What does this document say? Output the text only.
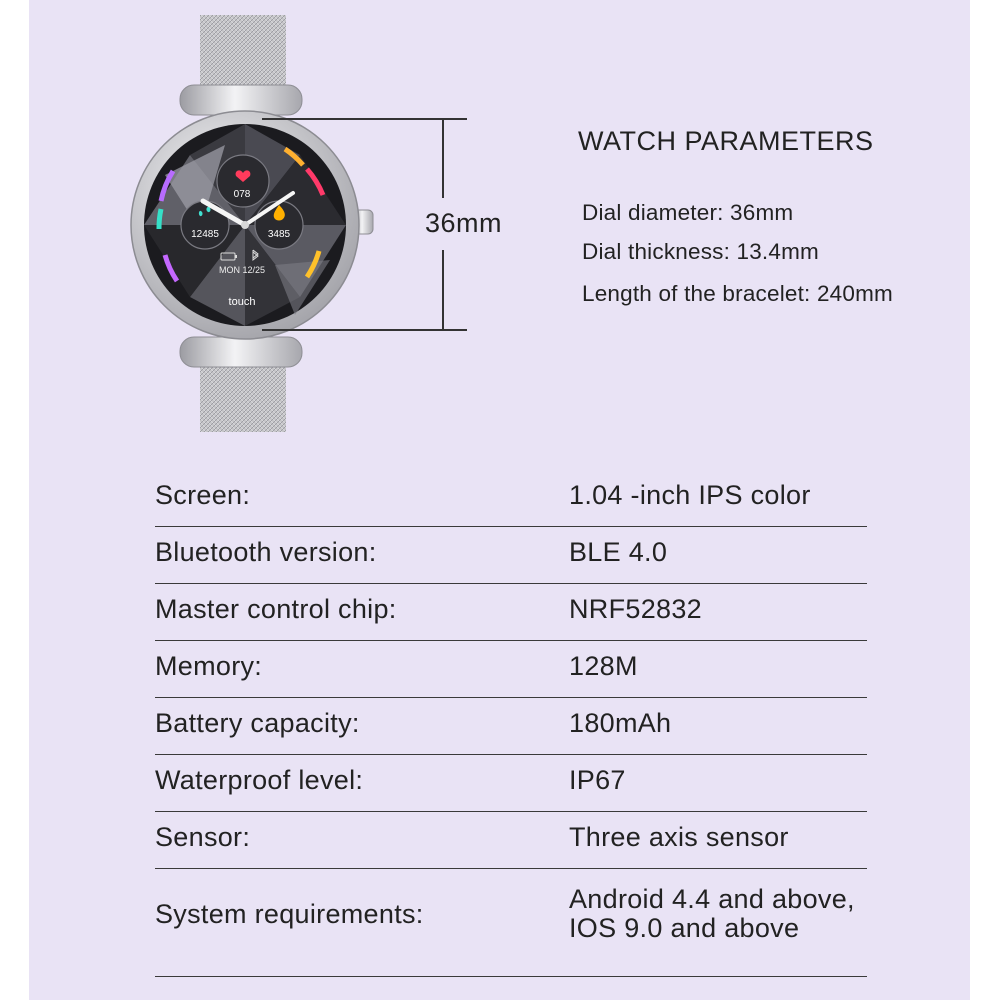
078
12485	3485
MON 12/25
touch
36mm
WATCH PARAMETERS
Dial diameter: 36mm
Dial thickness: 13.4mm
Length of the bracelet: 240mm
Screen:	1.04 -inch IPS color
Bluetooth version:	BLE 4.0
Master control chip:	NRF52832
Memory:	128M
Battery capacity:	180mAh
Waterproof level:	IP67
Sensor:	Three axis sensor
System requirements:	Android 4.4 and above,
IOS 9.0 and above
